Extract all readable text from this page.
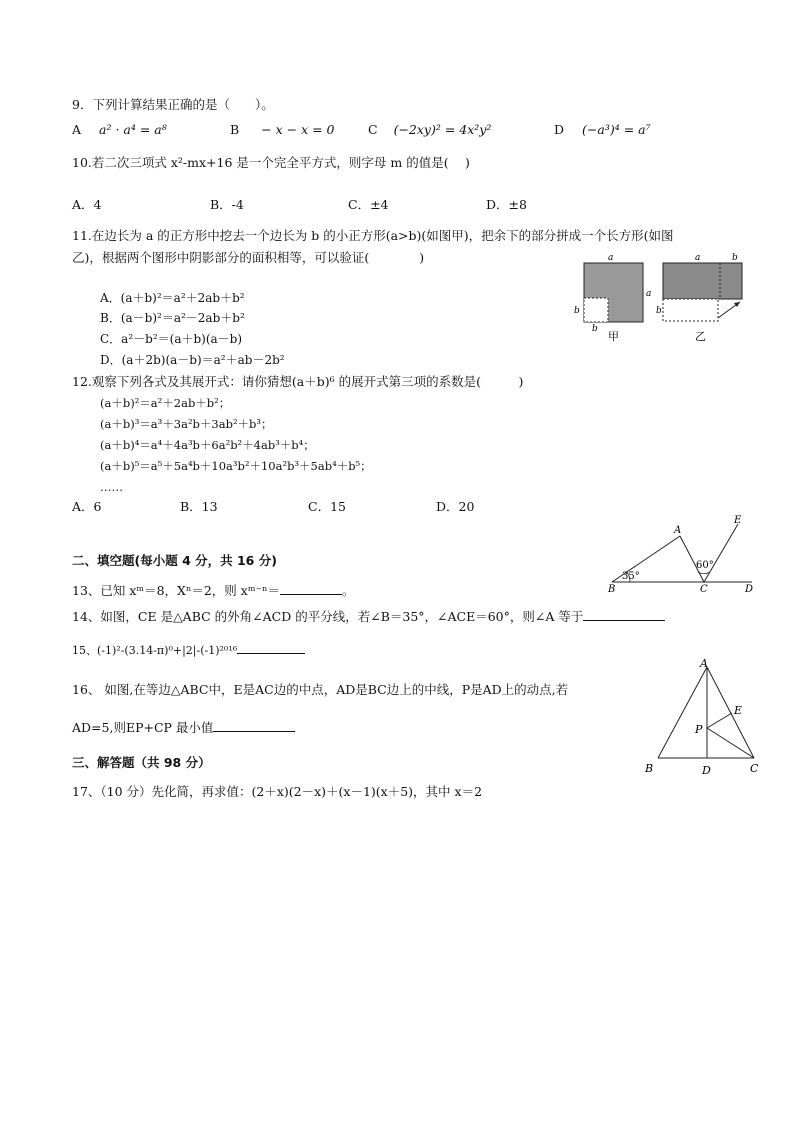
9．下列计算结果正确的是（　　）。
A a² · a⁴ = a⁸	B − x − x = 0	C (−2xy)² = 4x²y²	D (−a³)⁴ = a⁷
10.若二次三项式 x²-mx+16 是一个完全平方式，则字母 m 的值是(　 )
A．4	B．-4	C．±4	D．±8
11.在边长为 a 的正方形中挖去一个边长为 b 的小正方形(a>b)(如图甲)，把余下的部分拼成一个长方形(如图
乙)，根据两个图形中阴影部分的面积相等，可以验证(　　　　)
A．(a＋b)²＝a²＋2ab＋b²
B．(a－b)²＝a²－2ab＋b²
C．a²－b²＝(a＋b)(a－b)
D．(a＋2b)(a－b)＝a²＋ab－2b²
a
a
b
b
甲
a	b
b
乙
12.观察下列各式及其展开式：请你猜想(a＋b)⁶ 的展开式第三项的系数是(　　　)
(a＋b)²＝a²＋2ab＋b²；
(a＋b)³＝a³＋3a²b＋3ab²＋b³；
(a＋b)⁴＝a⁴＋4a³b＋6a²b²＋4ab³＋b⁴；
(a＋b)⁵＝a⁵＋5a⁴b＋10a³b²＋10a²b³＋5ab⁴＋b⁵；
……
A．6	B．13	C．15	D．20
二、填空题(每小题 4 分，共 16 分)
35°
60°
A
B	C	D
E
13、已知 xᵐ＝8，Xⁿ＝2，则 xᵐ⁻ⁿ＝	。
14、如图，CE 是△ABC 的外角∠ACD 的平分线，若∠B＝35°，∠ACE＝60°，则∠A 等于
15、(-1)²-(3.14-π)⁰+|2|-(-1)²⁰¹⁶
A
B	C
D
E
P
16、 如图,在等边△ABC中，E是AC边的中点，AD是BC边上的中线，P是AD上的动点,若
AD=5,则EP+CP 最小值
三、解答题（共 98 分）
17、（10 分）先化简，再求值：(2＋x)(2－x)＋(x－1)(x＋5)，其中 x＝2
